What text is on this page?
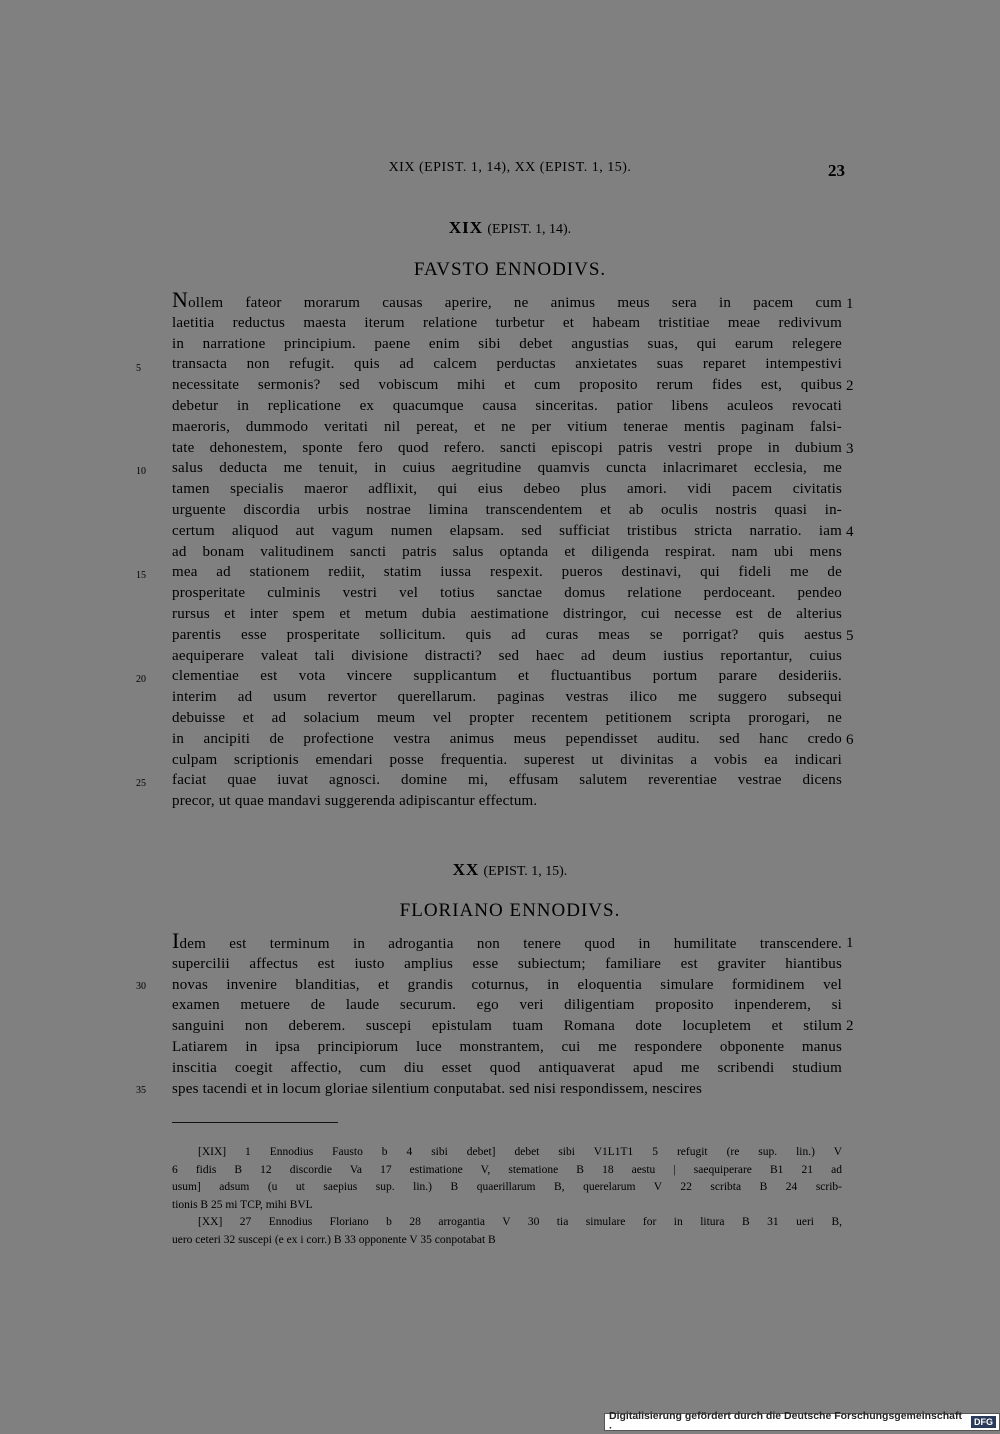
XIX (EPIST. 1, 14), XX (EPIST. 1, 15).	23
XIX (EPIST. 1, 14).
FAVSTO ENNODIVS.
Nollem fateor morarum causas aperire, ne animus meus sera in pacem cum
laetitia reductus maesta iterum relatione turbetur et habeam tristitiae meae redivivum
in narratione principium. paene enim sibi debet angustias suas, qui earum relegere
transacta non refugit. quis ad calcem perductas anxietates suas reparet intempestivi
necessitate sermonis? sed vobiscum mihi et cum proposito rerum fides est, quibus
debetur in replicatione ex quacumque causa sinceritas. patior libens aculeos revocati
maeroris, dummodo veritati nil pereat, et ne per vitium tenerae mentis paginam falsi-
tate dehonestem, sponte fero quod refero. sancti episcopi patris vestri prope in dubium
salus deducta me tenuit, in cuius aegritudine quamvis cuncta inlacrimaret ecclesia, me
tamen specialis maeror adflixit, qui eius debeo plus amori. vidi pacem civitatis
urguente discordia urbis nostrae limina transcendentem et ab oculis nostris quasi in-
certum aliquod aut vagum numen elapsam. sed sufficiat tristibus stricta narratio. iam
ad bonam valitudinem sancti patris salus optanda et diligenda respirat. nam ubi mens
mea ad stationem rediit, statim iussa respexit. pueros destinavi, qui fideli me de
prosperitate culminis vestri vel totius sanctae domus relatione perdoceant. pendeo
rursus et inter spem et metum dubia aestimatione distringor, cui necesse est de alterius
parentis esse prosperitate sollicitum. quis ad curas meas se porrigat? quis aestus
aequiperare valeat tali divisione distracti? sed haec ad deum iustius reportantur, cuius
clementiae est vota vincere supplicantum et fluctuantibus portum parare desideriis.
interim ad usum revertor querellarum. paginas vestras ilico me suggero subsequi
debuisse et ad solacium meum vel propter recentem petitionem scripta prorogari, ne
in ancipiti de profectione vestra animus meus pependisset auditu. sed hanc credo
culpam scriptionis emendari posse frequentia. superest ut divinitas a vobis ea indicari
faciat quae iuvat agnosci. domine mi, effusam salutem reverentiae vestrae dicens
precor, ut quae mandavi suggerenda adipiscantur effectum.
5
10
15
20
25
1
2
3
4
5
6
XX (EPIST. 1, 15).
FLORIANO ENNODIVS.
Idem est terminum in adrogantia non tenere quod in humilitate transcendere.
supercilii affectus est iusto amplius esse subiectum; familiare est graviter hiantibus
novas invenire blanditias, et grandis coturnus, in eloquentia simulare formidinem vel
examen metuere de laude securum. ego veri diligentiam proposito inpenderem, si
sanguini non deberem. suscepi epistulam tuam Romana dote locupletem et stilum
Latiarem in ipsa principiorum luce monstrantem, cui me respondere obponente manus
inscitia coegit affectio, cum diu esset quod antiquaverat apud me scribendi studium
spes tacendi et in locum gloriae silentium conputabat. sed nisi respondissem, nescires
30
35
1
2
[XIX] 1 Ennodius Fausto b 4 sibi debet] debet sibi V1L1T1 5 refugit (re sup. lin.) V
6 fidis B 12 discordie Va 17 estimatione V, stematione B 18 aestu | saequiperare B1 21 ad
usum] adsum (u ut saepius sup. lin.) B quaerillarum B, querelarum V 22 scribta B 24 scrib-
tionis B 25 mi TCP, mihi BVL
[XX] 27 Ennodius Floriano b 28 arrogantia V 30 tia simulare for in litura B 31 ueri B,
uero ceteri 32 suscepi (e ex i corr.) B 33 opponente V 35 conpotabat B
Digitalisierung gefördert durch die Deutsche Forschungsgemeinschaft ·	DFG
